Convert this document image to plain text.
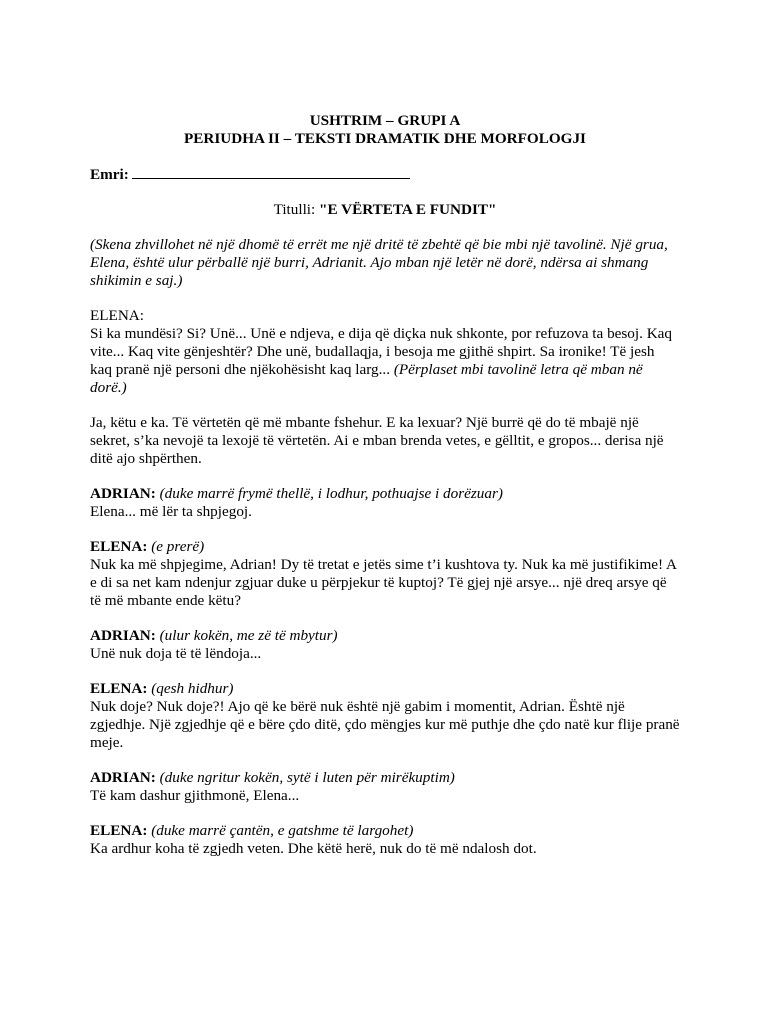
USHTRIM – GRUPI A
PERIUDHA II – TEKSTI DRAMATIK DHE MORFOLOGJI
Emri:
Titulli: "E VËRTETA E FUNDIT"

(Skena zhvillohet në një dhomë të errët me një dritë të zbehtë që bie mbi një tavolinë. Një grua, Elena, është ulur përballë një burri, Adrianit. Ajo mban një letër në dorë, ndërsa ai shmang shikimin e saj.)

ELENA:

Si ka mundësi? Si? Unë... Unë e ndjeva, e dija që diçka nuk shkonte, por refuzova ta besoj. Kaq vite... Kaq vite gënjeshtër? Dhe unë, budallaqja, i besoja me gjithë shpirt. Sa ironike! Të jesh kaq pranë një personi dhe njëkohësisht kaq larg... (Përplaset mbi tavolinë letra që mban në dorë.)

Ja, këtu e ka. Të vërtetën që më mbante fshehur. E ka lexuar? Një burrë që do të mbajë një sekret, s’ka nevojë ta lexojë të vërtetën. Ai e mban brenda vetes, e gëlltit, e gropos... derisa një ditë ajo shpërthen.

ADRIAN: (duke marrë frymë thellë, i lodhur, pothuajse i dorëzuar)

Elena... më lër ta shpjegoj.

ELENA: (e prerë)

Nuk ka më shpjegime, Adrian! Dy të tretat e jetës sime t’i kushtova ty. Nuk ka më justifikime! A e di sa net kam ndenjur zgjuar duke u përpjekur të kuptoj? Të gjej një arsye... një dreq arsye që të më mbante ende këtu?

ADRIAN: (ulur kokën, me zë të mbytur)

Unë nuk doja të të lëndoja...

ELENA: (qesh hidhur)

Nuk doje? Nuk doje?! Ajo që ke bërë nuk është një gabim i momentit, Adrian. Është një zgjedhje. Një zgjedhje që e bëre çdo ditë, çdo mëngjes kur më puthje dhe çdo natë kur flije pranë meje.

ADRIAN: (duke ngritur kokën, sytë i luten për mirëkuptim)

Të kam dashur gjithmonë, Elena...

ELENA: (duke marrë çantën, e gatshme të largohet)

Ka ardhur koha të zgjedh veten. Dhe këtë herë, nuk do të më ndalosh dot.
